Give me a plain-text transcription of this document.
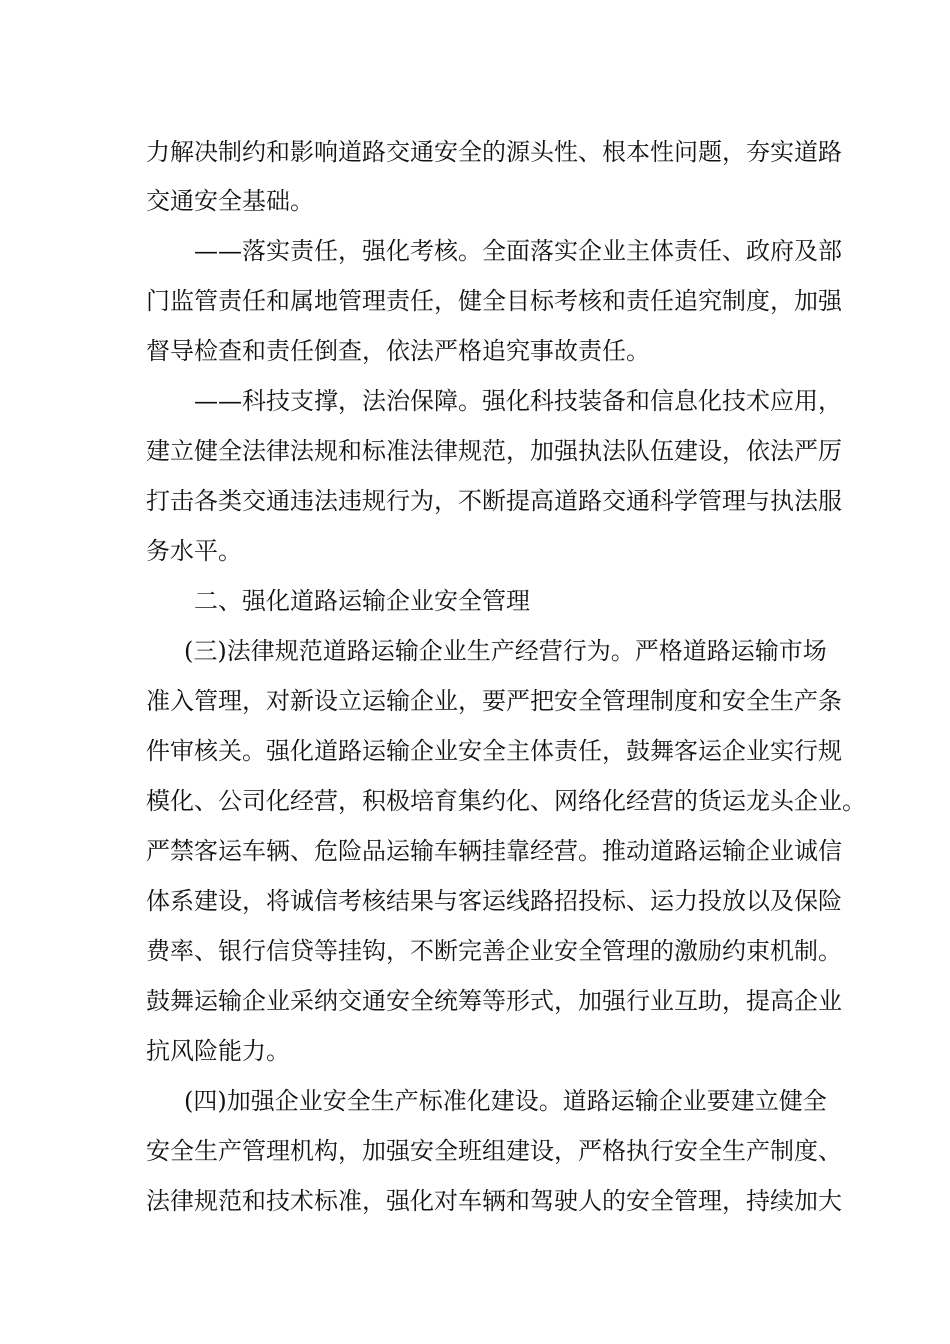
力解决制约和影响道路交通安全的源头性、根本性问题，夯实道路
交通安全基础。
——落实责任，强化考核。全面落实企业主体责任、政府及部
门监管责任和属地管理责任，健全目标考核和责任追究制度，加强
督导检查和责任倒查，依法严格追究事故责任。
——科技支撑，法治保障。强化科技装备和信息化技术应用，
建立健全法律法规和标准法律规范，加强执法队伍建设，依法严厉
打击各类交通违法违规行为，不断提高道路交通科学管理与执法服
务水平。
二、强化道路运输企业安全管理
(三)法律规范道路运输企业生产经营行为。严格道路运输市场
准入管理，对新设立运输企业，要严把安全管理制度和安全生产条
件审核关。强化道路运输企业安全主体责任，鼓舞客运企业实行规
模化、公司化经营，积极培育集约化、网络化经营的货运龙头企业。
严禁客运车辆、危险品运输车辆挂靠经营。推动道路运输企业诚信
体系建设，将诚信考核结果与客运线路招投标、运力投放以及保险
费率、银行信贷等挂钩，不断完善企业安全管理的激励约束机制。
鼓舞运输企业采纳交通安全统筹等形式，加强行业互助，提高企业
抗风险能力。
(四)加强企业安全生产标准化建设。道路运输企业要建立健全
安全生产管理机构，加强安全班组建设，严格执行安全生产制度、
法律规范和技术标准，强化对车辆和驾驶人的安全管理，持续加大
